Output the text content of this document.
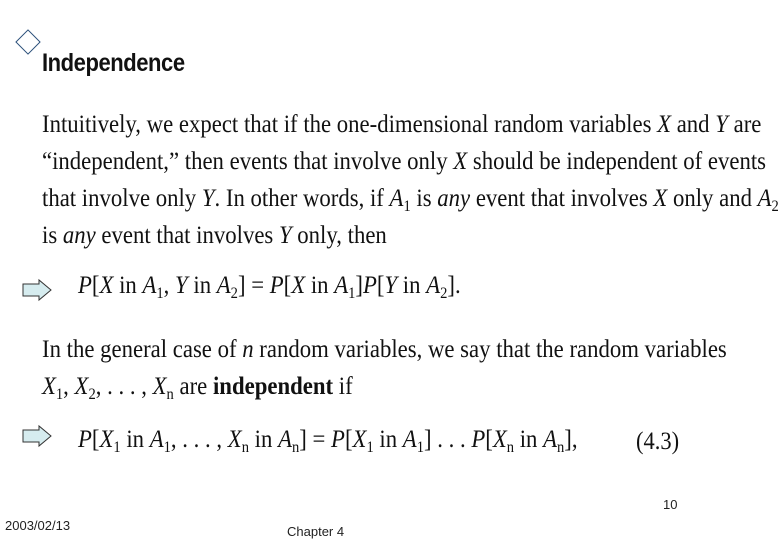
Independence
Intuitively, we expect that if the one-dimensional random variables X and Y are
“independent,” then events that involve only X should be independent of events
that involve only Y. In other words, if $A_1$ is any event that involves X only and $A_2$
is any event that involves Y only, then
P[X in $A_1$, Y in $A_2] = P[X$ in $A_1]P[Y$ in $A_2$].
In the general case of n random variables, we say that the random variables
$X_1$, $X_2$, . . . , $X_n$ are independent if
$P[X_1$ in $A_1$, . . . , $X_n$ in $A_n] = P[X_1$ in $A_1$] . . . $P[X_n$ in $A_n$], (4.3)
10
2003/02/13	Chapter 4
